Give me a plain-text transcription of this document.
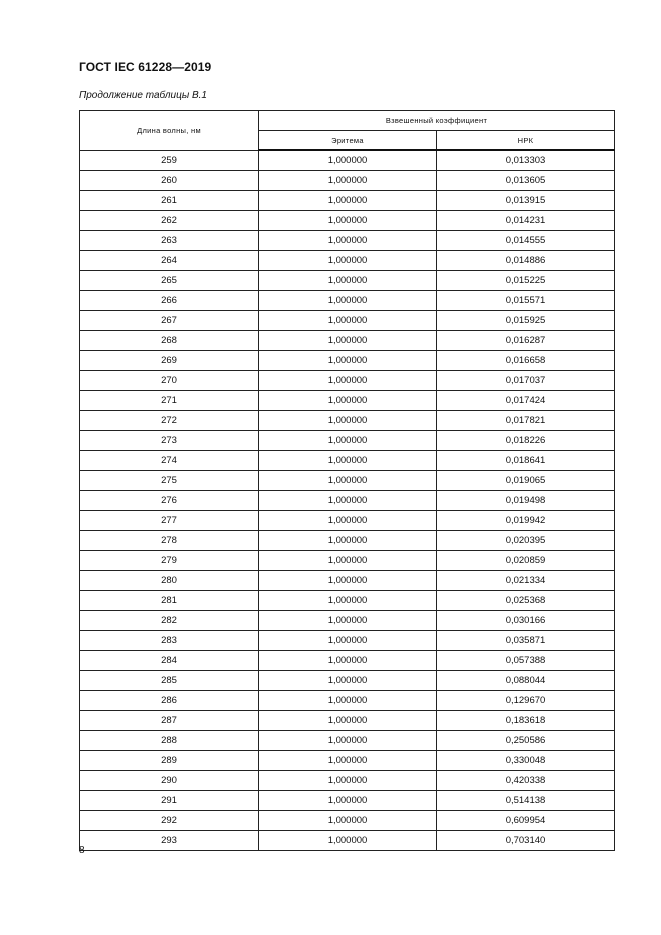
ГОСТ IEC 61228—2019
Продолжение таблицы В.1
Длина волны, нм	Взвешенный коэффициент	
	Эритема	НРК
259	1,000000	0,013303
260	1,000000	0,013605
261	1,000000	0,013915
262	1,000000	0,014231
263	1,000000	0,014555
264	1,000000	0,014886
265	1,000000	0,015225
266	1,000000	0,015571
267	1,000000	0,015925
268	1,000000	0,016287
269	1,000000	0,016658
270	1,000000	0,017037
271	1,000000	0,017424
272	1,000000	0,017821
273	1,000000	0,018226
274	1,000000	0,018641
275	1,000000	0,019065
276	1,000000	0,019498
277	1,000000	0,019942
278	1,000000	0,020395
279	1,000000	0,020859
280	1,000000	0,021334
281	1,000000	0,025368
282	1,000000	0,030166
283	1,000000	0,035871
284	1,000000	0,057388
285	1,000000	0,088044
286	1,000000	0,129670
287	1,000000	0,183618
288	1,000000	0,250586
289	1,000000	0,330048
290	1,000000	0,420338
291	1,000000	0,514138
292	1,000000	0,609954
293	1,000000	0,703140
8
